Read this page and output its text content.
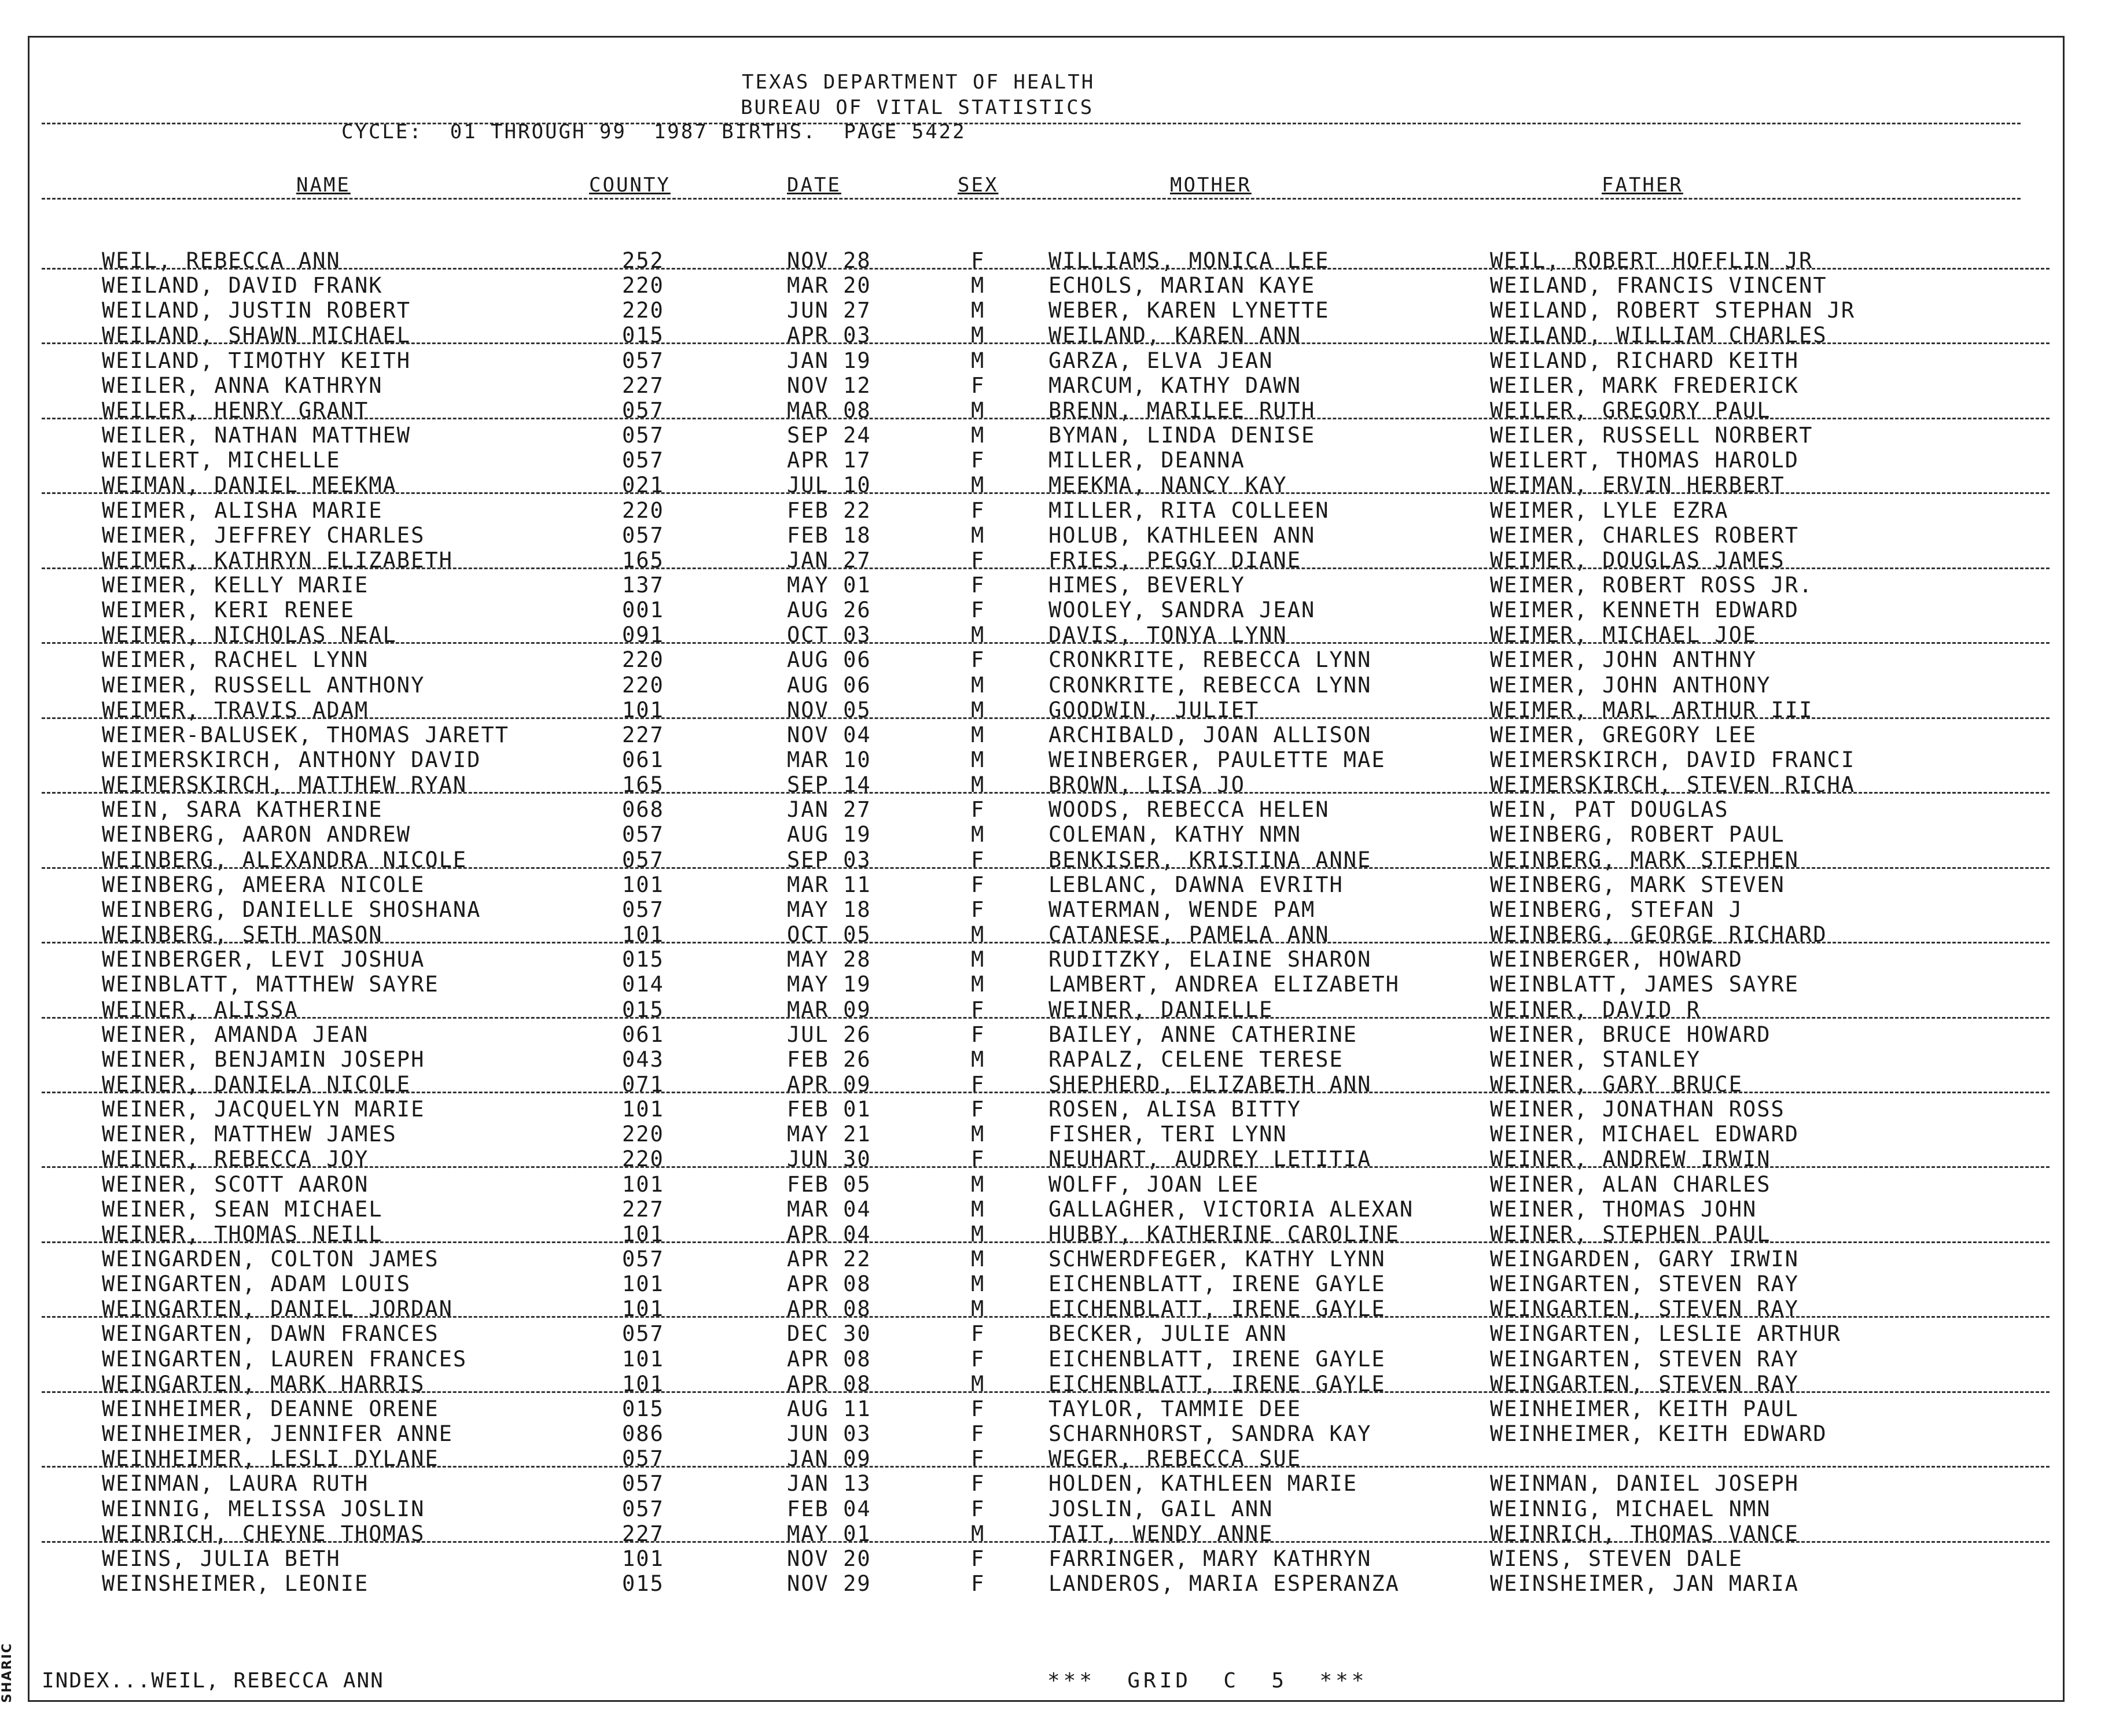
SHARIC
TEXAS DEPARTMENT OF HEALTH
BUREAU OF VITAL STATISTICS
CYCLE:  01 THROUGH 99  1987 BIRTHS.  PAGE 5422
NAME	COUNTY	DATE	SEX	MOTHER	FATHER
WEIL, REBECCA ANN	252	NOV 28	F	WILLIAMS, MONICA LEE	WEIL, ROBERT HOFFLIN JR
WEILAND, DAVID FRANK	220	MAR 20	M	ECHOLS, MARIAN KAYE	WEILAND, FRANCIS VINCENT
WEILAND, JUSTIN ROBERT	220	JUN 27	M	WEBER, KAREN LYNETTE	WEILAND, ROBERT STEPHAN JR
WEILAND, SHAWN MICHAEL	015	APR 03	M	WEILAND, KAREN ANN	WEILAND, WILLIAM CHARLES
WEILAND, TIMOTHY KEITH	057	JAN 19	M	GARZA, ELVA JEAN	WEILAND, RICHARD KEITH
WEILER, ANNA KATHRYN	227	NOV 12	F	MARCUM, KATHY DAWN	WEILER, MARK FREDERICK
WEILER, HENRY GRANT	057	MAR 08	M	BRENN, MARILEE RUTH	WEILER, GREGORY PAUL
WEILER, NATHAN MATTHEW	057	SEP 24	M	BYMAN, LINDA DENISE	WEILER, RUSSELL NORBERT
WEILERT, MICHELLE	057	APR 17	F	MILLER, DEANNA	WEILERT, THOMAS HAROLD
WEIMAN, DANIEL MEEKMA	021	JUL 10	M	MEEKMA, NANCY KAY	WEIMAN, ERVIN HERBERT
WEIMER, ALISHA MARIE	220	FEB 22	F	MILLER, RITA COLLEEN	WEIMER, LYLE EZRA
WEIMER, JEFFREY CHARLES	057	FEB 18	M	HOLUB, KATHLEEN ANN	WEIMER, CHARLES ROBERT
WEIMER, KATHRYN ELIZABETH	165	JAN 27	F	FRIES, PEGGY DIANE	WEIMER, DOUGLAS JAMES
WEIMER, KELLY MARIE	137	MAY 01	F	HIMES, BEVERLY	WEIMER, ROBERT ROSS JR.
WEIMER, KERI RENEE	001	AUG 26	F	WOOLEY, SANDRA JEAN	WEIMER, KENNETH EDWARD
WEIMER, NICHOLAS NEAL	091	OCT 03	M	DAVIS, TONYA LYNN	WEIMER, MICHAEL JOE
WEIMER, RACHEL LYNN	220	AUG 06	F	CRONKRITE, REBECCA LYNN	WEIMER, JOHN ANTHNY
WEIMER, RUSSELL ANTHONY	220	AUG 06	M	CRONKRITE, REBECCA LYNN	WEIMER, JOHN ANTHONY
WEIMER, TRAVIS ADAM	101	NOV 05	M	GOODWIN, JULIET	WEIMER, MARL ARTHUR III
WEIMER-BALUSEK, THOMAS JARETT	227	NOV 04	M	ARCHIBALD, JOAN ALLISON	WEIMER, GREGORY LEE
WEIMERSKIRCH, ANTHONY DAVID	061	MAR 10	M	WEINBERGER, PAULETTE MAE	WEIMERSKIRCH, DAVID FRANCI
WEIMERSKIRCH, MATTHEW RYAN	165	SEP 14	M	BROWN, LISA JO	WEIMERSKIRCH, STEVEN RICHA
WEIN, SARA KATHERINE	068	JAN 27	F	WOODS, REBECCA HELEN	WEIN, PAT DOUGLAS
WEINBERG, AARON ANDREW	057	AUG 19	M	COLEMAN, KATHY NMN	WEINBERG, ROBERT PAUL
WEINBERG, ALEXANDRA NICOLE	057	SEP 03	F	BENKISER, KRISTINA ANNE	WEINBERG, MARK STEPHEN
WEINBERG, AMEERA NICOLE	101	MAR 11	F	LEBLANC, DAWNA EVRITH	WEINBERG, MARK STEVEN
WEINBERG, DANIELLE SHOSHANA	057	MAY 18	F	WATERMAN, WENDE PAM	WEINBERG, STEFAN J
WEINBERG, SETH MASON	101	OCT 05	M	CATANESE, PAMELA ANN	WEINBERG, GEORGE RICHARD
WEINBERGER, LEVI JOSHUA	015	MAY 28	M	RUDITZKY, ELAINE SHARON	WEINBERGER, HOWARD
WEINBLATT, MATTHEW SAYRE	014	MAY 19	M	LAMBERT, ANDREA ELIZABETH	WEINBLATT, JAMES SAYRE
WEINER, ALISSA	015	MAR 09	F	WEINER, DANIELLE	WEINER, DAVID R
WEINER, AMANDA JEAN	061	JUL 26	F	BAILEY, ANNE CATHERINE	WEINER, BRUCE HOWARD
WEINER, BENJAMIN JOSEPH	043	FEB 26	M	RAPALZ, CELENE TERESE	WEINER, STANLEY
WEINER, DANIELA NICOLE	071	APR 09	F	SHEPHERD, ELIZABETH ANN	WEINER, GARY BRUCE
WEINER, JACQUELYN MARIE	101	FEB 01	F	ROSEN, ALISA BITTY	WEINER, JONATHAN ROSS
WEINER, MATTHEW JAMES	220	MAY 21	M	FISHER, TERI LYNN	WEINER, MICHAEL EDWARD
WEINER, REBECCA JOY	220	JUN 30	F	NEUHART, AUDREY LETITIA	WEINER, ANDREW IRWIN
WEINER, SCOTT AARON	101	FEB 05	M	WOLFF, JOAN LEE	WEINER, ALAN CHARLES
WEINER, SEAN MICHAEL	227	MAR 04	M	GALLAGHER, VICTORIA ALEXAN	WEINER, THOMAS JOHN
WEINER, THOMAS NEILL	101	APR 04	M	HUBBY, KATHERINE CAROLINE	WEINER, STEPHEN PAUL
WEINGARDEN, COLTON JAMES	057	APR 22	M	SCHWERDFEGER, KATHY LYNN	WEINGARDEN, GARY IRWIN
WEINGARTEN, ADAM LOUIS	101	APR 08	M	EICHENBLATT, IRENE GAYLE	WEINGARTEN, STEVEN RAY
WEINGARTEN, DANIEL JORDAN	101	APR 08	M	EICHENBLATT, IRENE GAYLE	WEINGARTEN, STEVEN RAY
WEINGARTEN, DAWN FRANCES	057	DEC 30	F	BECKER, JULIE ANN	WEINGARTEN, LESLIE ARTHUR
WEINGARTEN, LAUREN FRANCES	101	APR 08	F	EICHENBLATT, IRENE GAYLE	WEINGARTEN, STEVEN RAY
WEINGARTEN, MARK HARRIS	101	APR 08	M	EICHENBLATT, IRENE GAYLE	WEINGARTEN, STEVEN RAY
WEINHEIMER, DEANNE ORENE	015	AUG 11	F	TAYLOR, TAMMIE DEE	WEINHEIMER, KEITH PAUL
WEINHEIMER, JENNIFER ANNE	086	JUN 03	F	SCHARNHORST, SANDRA KAY	WEINHEIMER, KEITH EDWARD
WEINHEIMER, LESLI DYLANE	057	JAN 09	F	WEGER, REBECCA SUE
WEINMAN, LAURA RUTH	057	JAN 13	F	HOLDEN, KATHLEEN MARIE	WEINMAN, DANIEL JOSEPH
WEINNIG, MELISSA JOSLIN	057	FEB 04	F	JOSLIN, GAIL ANN	WEINNIG, MICHAEL NMN
WEINRICH, CHEYNE THOMAS	227	MAY 01	M	TAIT, WENDY ANNE	WEINRICH, THOMAS VANCE
WEINS, JULIA BETH	101	NOV 20	F	FARRINGER, MARY KATHRYN	WIENS, STEVEN DALE
WEINSHEIMER, LEONIE	015	NOV 29	F	LANDEROS, MARIA ESPERANZA	WEINSHEIMER, JAN MARIA
INDEX...WEIL, REBECCA ANN	***  GRID  C  5  ***
